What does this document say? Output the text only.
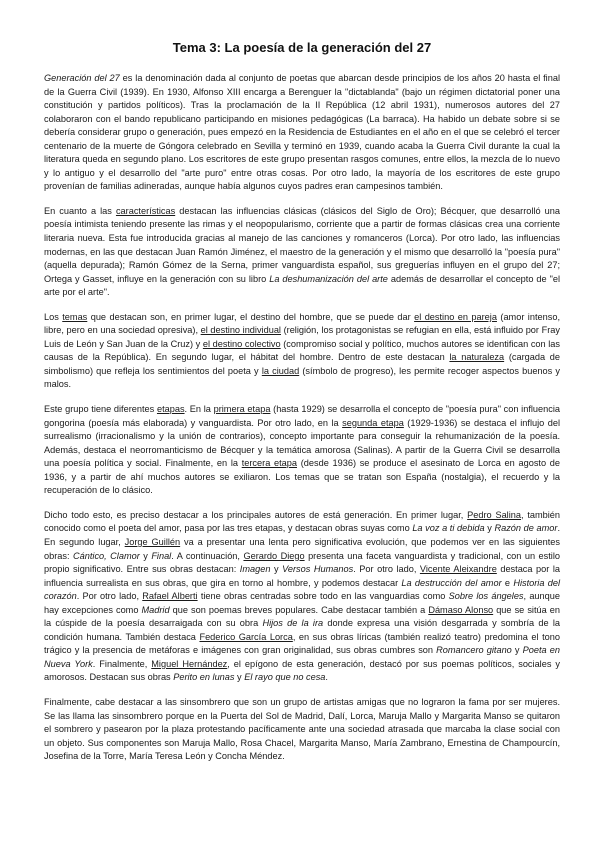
Tema 3: La poesía de la generación del 27

Generación del 27 es la denominación dada al conjunto de poetas que abarcan desde principios de los años 20 hasta el final de la Guerra Civil (1939). En 1930, Alfonso XIII encarga a Berenguer la "dictablanda" (bajo un régimen dictatorial poner una constitución y partidos políticos). Tras la proclamación de la II República (12 abril 1931), numerosos autores del 27 colaboraron con el bando republicano participando en misiones pedagógicas (La barraca). Ha habido un debate sobre si se debería considerar grupo o generación, pues empezó en la Residencia de Estudiantes en el año en el que se celebró el tercer centenario de la muerte de Góngora celebrado en Sevilla y terminó en 1939, cuando acaba la Guerra Civil durante la cual la literatura queda en segundo plano. Los escritores de este grupo presentan rasgos comunes, entre ellos, la mezcla de lo nuevo y lo antiguo y el desarrollo del "arte puro" entre otras cosas. Por otro lado, la mayoría de los escritores de este grupo provenían de familias adineradas, aunque había algunos cuyos padres eran campesinos también.

En cuanto a las características destacan las influencias clásicas (clásicos del Siglo de Oro); Bécquer, que desarrolló una poesía intimista teniendo presente las rimas y el neopopularismo, corriente que a partir de formas clásicas crea una corriente literaria nueva. Esta fue introducida gracias al manejo de las canciones y romanceros (Lorca). Por otro lado, las influencias modernas, en las que destacan Juan Ramón Jiménez, el maestro de la generación y el mismo que desarrolló la "poesía pura" (aquella depurada); Ramón Gómez de la Serna, primer vanguardista español, sus greguerías influyen en el grupo del 27; Ortega y Gasset, influye en la generación con su libro La deshumanización del arte además de desarrollar el concepto de "el arte por el arte".

Los temas que destacan son, en primer lugar, el destino del hombre, que se puede dar el destino en pareja (amor intenso, libre, pero en una sociedad opresiva), el destino individual (religión, los protagonistas se refugian en ella, está influido por Fray Luis de León y San Juan de la Cruz) y el destino colectivo (compromiso social y político, muchos autores se identifican con las causas de la República). En segundo lugar, el hábitat del hombre. Dentro de este destacan la naturaleza (cargada de simbolismo) que refleja los sentimientos del poeta y la ciudad (símbolo de progreso), les permite recoger aspectos buenos y malos.

Este grupo tiene diferentes etapas. En la primera etapa (hasta 1929) se desarrolla el concepto de "poesía pura" con influencia gongorina (poesía más elaborada) y vanguardista. Por otro lado, en la segunda etapa (1929-1936) se destaca el influjo del surrealismo (irracionalismo y la unión de contrarios), concepto importante para conseguir la rehumanización de la poesía. Además, destaca el neorromanticismo de Bécquer y la temática amorosa (Salinas). A partir de la Guerra Civil se desarrolla una poesía política y social. Finalmente, en la tercera etapa (desde 1936) se produce el asesinato de Lorca en agosto de 1936, y a partir de ahí muchos autores se exiliaron. Los temas que se tratan son España (nostalgia), el recuerdo y la recuperación de lo clásico.

Dicho todo esto, es preciso destacar a los principales autores de está generación. En primer lugar, Pedro Salina, también conocido como el poeta del amor, pasa por las tres etapas, y destacan obras suyas como La voz a ti debida y Razón de amor. En segundo lugar, Jorge Guillén va a presentar una lenta pero significativa evolución, que podemos ver en las siguientes obras: Cántico, Clamor y Final. A continuación, Gerardo Diego presenta una faceta vanguardista y tradicional, con un estilo propio significativo. Entre sus obras destacan: Imagen y Versos Humanos. Por otro lado, Vicente Aleixandre destaca por la influencia surrealista en sus obras, que gira en torno al hombre, y podemos destacar La destrucción del amor e Historia del corazón. Por otro lado, Rafael Alberti tiene obras centradas sobre todo en las vanguardias como Sobre los ángeles, aunque hay excepciones como Madrid que son poemas breves populares. Cabe destacar también a Dámaso Alonso que se sitúa en la cúspide de la poesía desarraigada con su obra Hijos de la ira donde expresa una visión desgarrada y sombría de la condición humana. También destaca Federico García Lorca, en sus obras líricas (también realizó teatro) predomina el tono trágico y la presencia de metáforas e imágenes con gran originalidad, sus obras cumbres son Romancero gitano y Poeta en Nueva York. Finalmente, Miguel Hernández, el epígono de esta generación, destacó por sus poemas políticos, sociales y amorosos. Destacan sus obras Perito en lunas y El rayo que no cesa.

Finalmente, cabe destacar a las sinsombrero que son un grupo de artistas amigas que no lograron la fama por ser mujeres. Se las llama las sinsombrero porque en la Puerta del Sol de Madrid, Dalí, Lorca, Maruja Mallo y Margarita Manso se quitaron el sombrero y pasearon por la plaza protestando pacíficamente ante una sociedad atrasada que marcaba la clase social con un objeto. Sus componentes son Maruja Mallo, Rosa Chacel, Margarita Manso, María Zambrano, Ernestina de Champourcín, Josefina de la Torre, María Teresa León y Concha Méndez.
